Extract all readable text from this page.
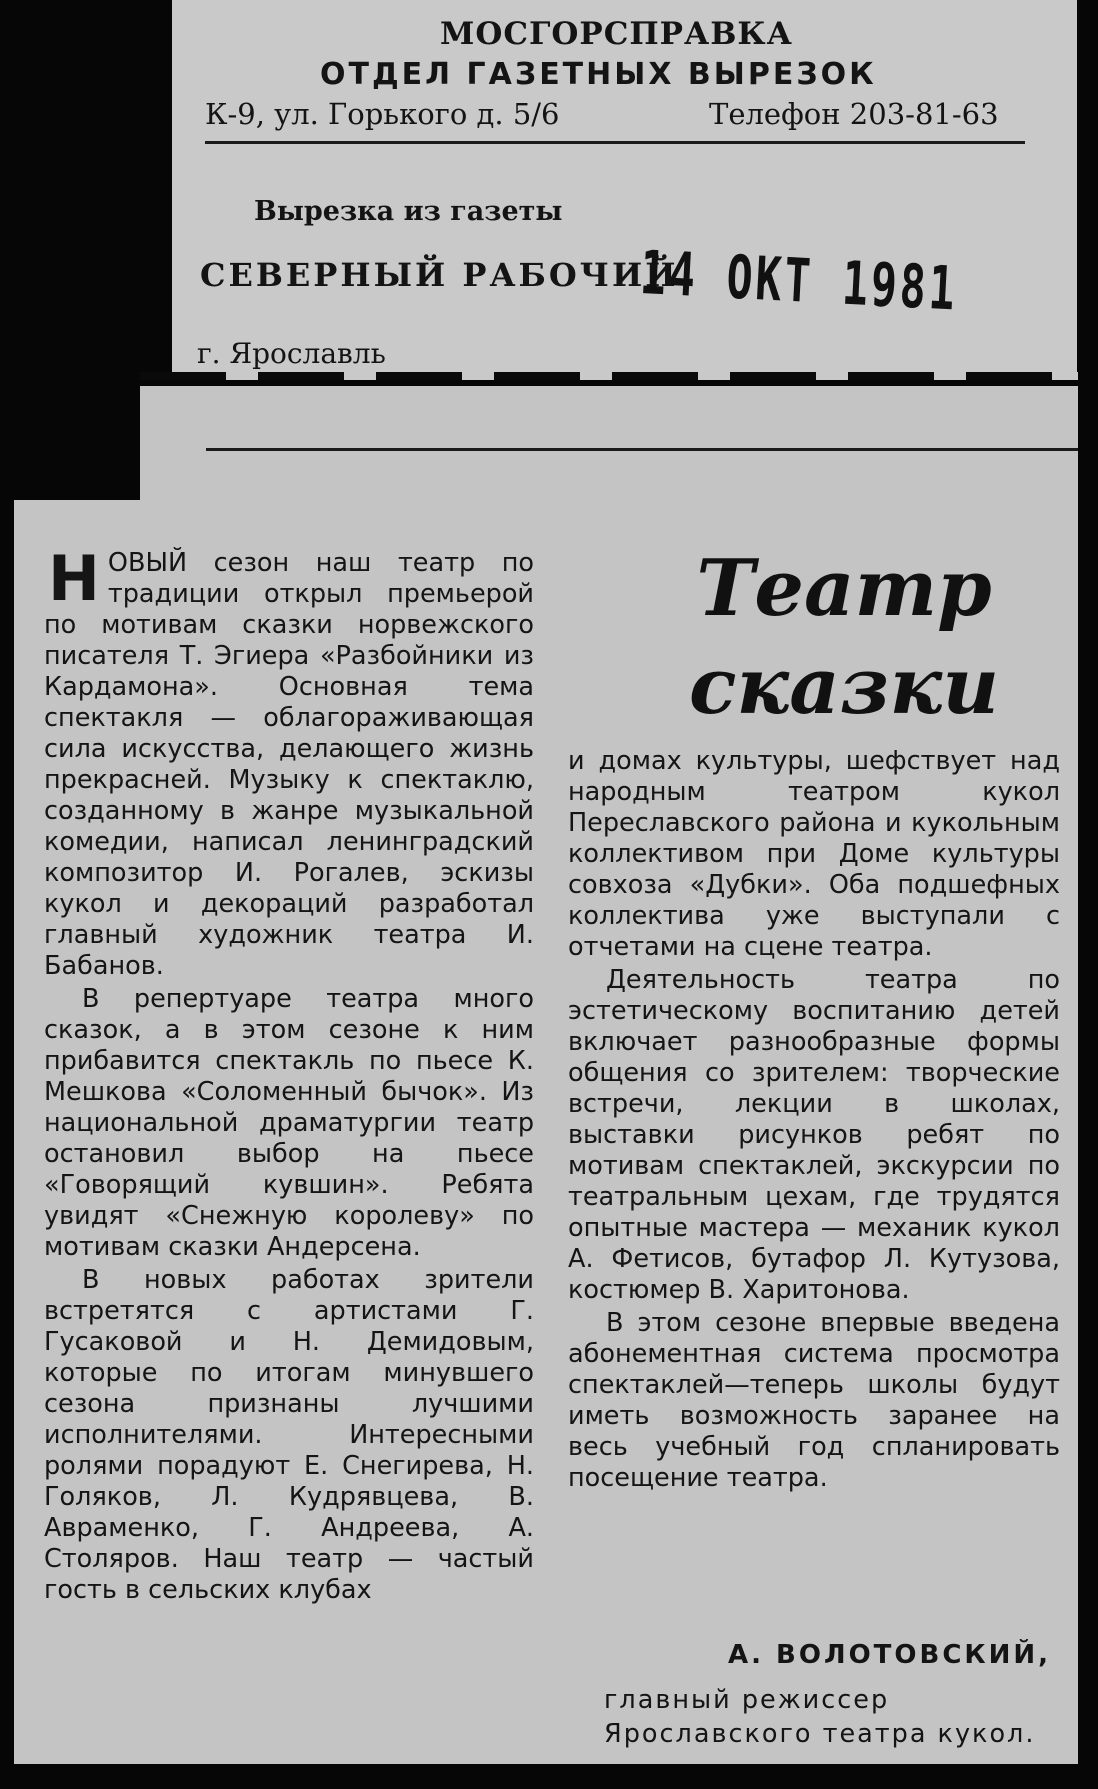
МОСГОРСПРАВКА

ОТДЕЛ ГАЗЕТНЫХ ВЫРЕЗОК

К-9, ул. Горького д. 5/6	Телефон 203-81-63

Вырезка из газеты

СЕВЕРНЫЙ РАБОЧИЙ

14 ОКТ 1981

г. Ярославль

Театр
сказки

НОВЫЙ сезон наш театр по традиции открыл премьерой по мотивам сказки норвежского писателя Т. Эгиера «Разбойники из Кардамона». Основная тема спектакля — облагораживающая сила искусства, делающего жизнь прекрасней. Музыку к спектаклю, созданному в жанре музыкальной комедии, написал ленинградский композитор И. Рогалев, эскизы кукол и декораций разработал главный художник театра И. Бабанов.

В репертуаре театра много сказок, а в этом сезоне к ним прибавится спектакль по пьесе К. Мешкова «Соломенный бычок». Из национальной драматургии театр остановил выбор на пьесе «Говорящий кувшин». Ребята увидят «Снежную королеву» по мотивам сказки Андерсена.

В новых работах зрители встретятся с артистами Г. Гусаковой и Н. Демидовым, которые по итогам минувшего сезона признаны лучшими исполнителями. Интересными ролями порадуют Е. Снегирева, Н. Голяков, Л. Кудрявцева, В. Авраменко, Г. Андреева, А. Столяров. Наш театр — частый гость в сельских клубах

и домах культуры, шефствует над народным театром кукол Переславского района и кукольным коллективом при Доме культуры совхоза «Дубки». Оба подшефных коллектива уже выступали с отчетами на сцене театра.

Деятельность театра по эстетическому воспитанию детей включает разнообразные формы общения со зрителем: творческие встречи, лекции в школах, выставки рисунков ребят по мотивам спектаклей, экскурсии по театральным цехам, где трудятся опытные мастера — механик кукол А. Фетисов, бутафор Л. Кутузова, костюмер В. Харитонова.

В этом сезоне впервые введена абонементная система просмотра спектаклей—теперь школы будут иметь возможность заранее на весь учебный год спланировать посещение театра.

А. ВОЛОТОВСКИЙ,

главный режиссер Ярославского театра кукол.
